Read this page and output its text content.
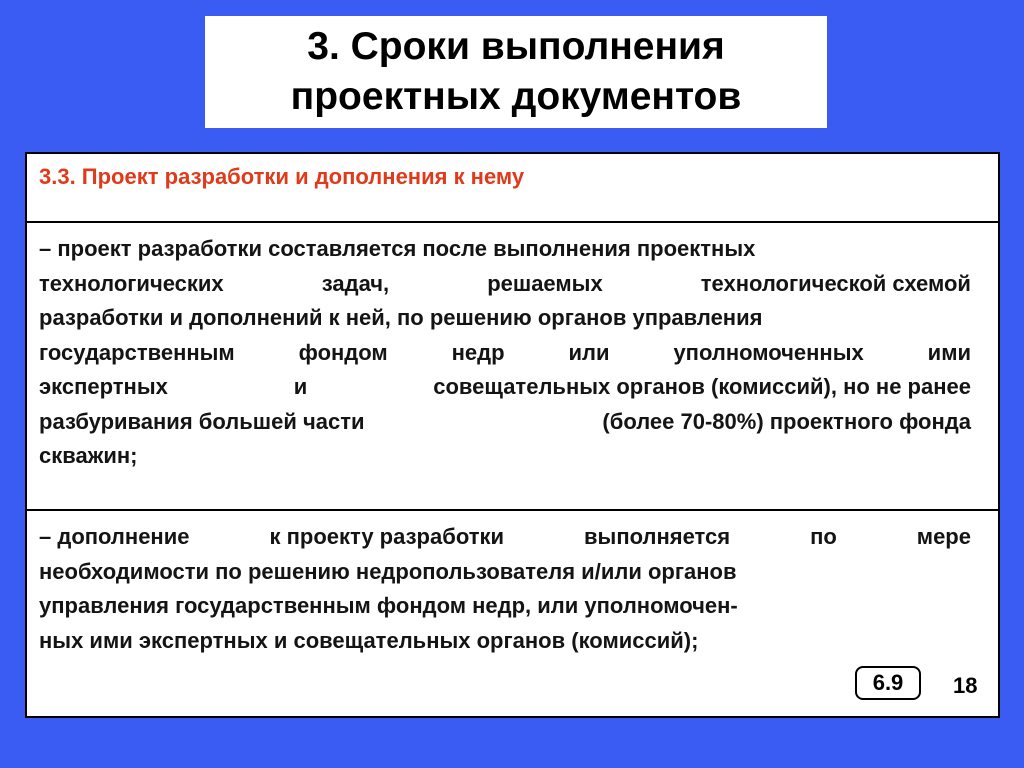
3. Сроки выполнения
проектных документов
3.3. Проект разработки и дополнения к нему
– проект разработки составляется после выполнения проектных
технологических	задач,	решаемых	технологической схемой
разработки и дополнений к ней, по решению органов управления
государственным	фондом	недр	или	уполномоченных	ими
экспертных	и	совещательных органов (комиссий), но не ранее
разбуривания большей части	(более 70-80%) проектного фонда
скважин;
– дополнение	к проекту разработки	выполняется	по	мере
необходимости по решению недропользователя и/или органов
управления государственным фондом недр, или уполномочен-
ных ими экспертных и совещательных органов (комиссий);
6.9	18
